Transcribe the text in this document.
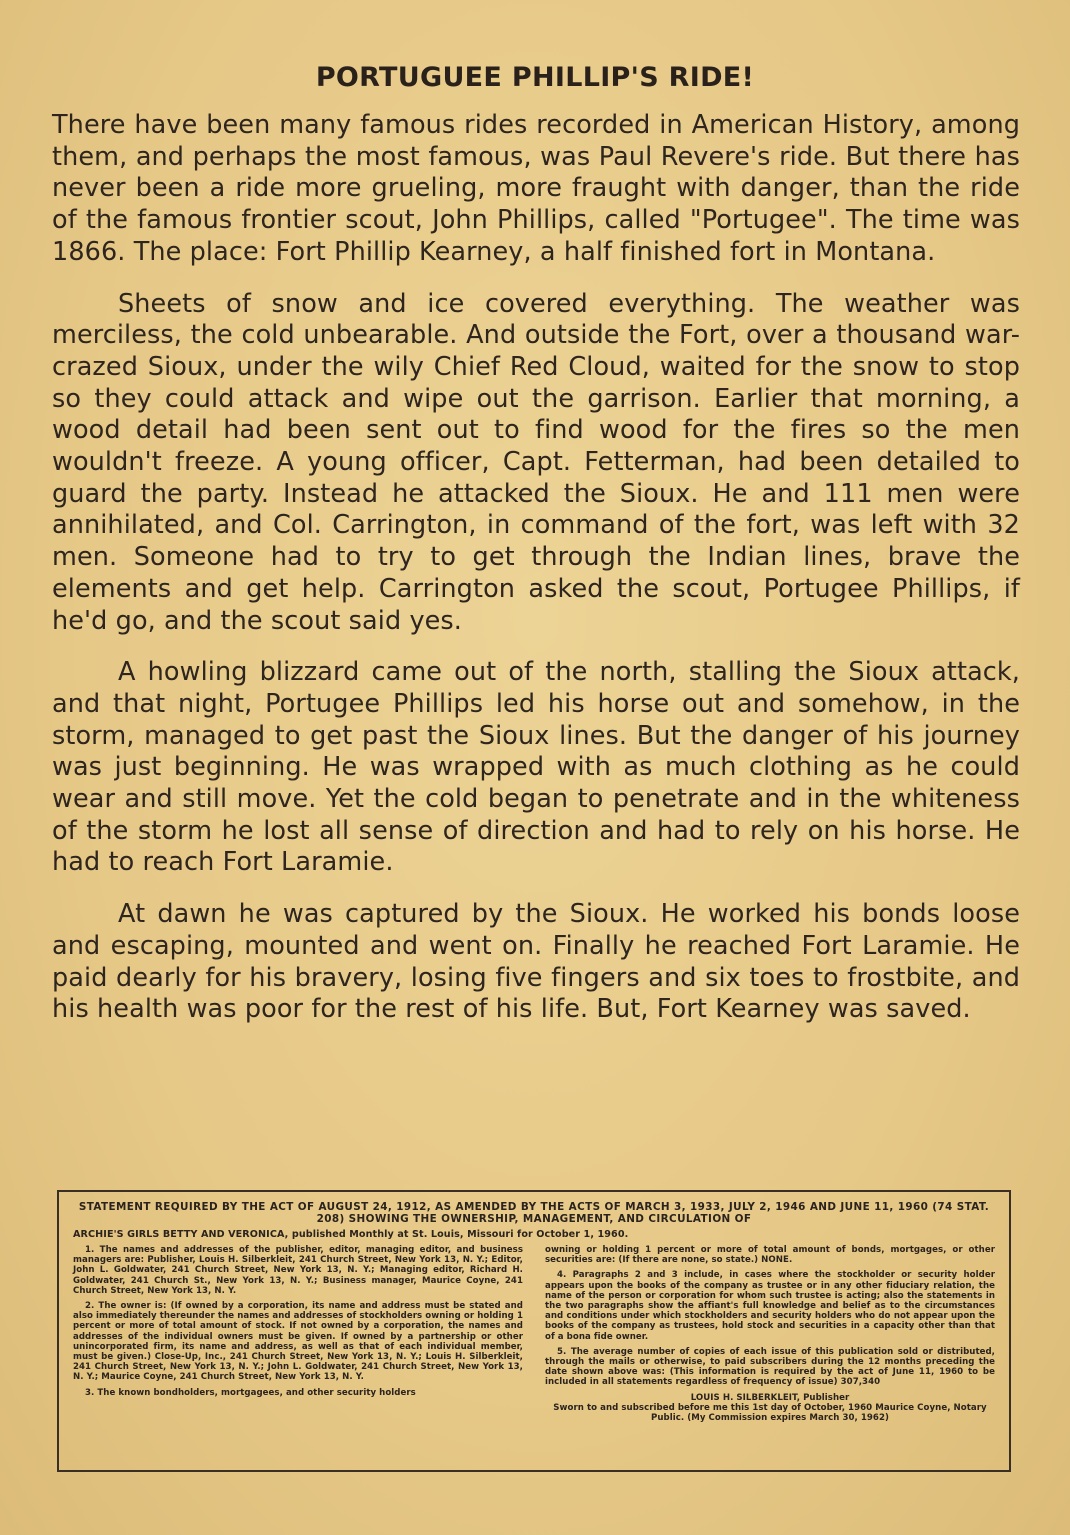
PORTUGUEE PHILLIP'S RIDE!

There have been many famous rides recorded in American History, among them, and perhaps the most famous, was Paul Revere's ride. But there has never been a ride more grueling, more fraught with danger, than the ride of the famous frontier scout, John Phillips, called "Portugee". The time was 1866. The place: Fort Phillip Kearney, a half finished fort in Montana.

Sheets of snow and ice covered everything. The weather was merciless, the cold unbearable. And outside the Fort, over a thousand war-crazed Sioux, under the wily Chief Red Cloud, waited for the snow to stop so they could attack and wipe out the garrison. Earlier that morning, a wood detail had been sent out to find wood for the fires so the men wouldn't freeze. A young officer, Capt. Fetterman, had been detailed to guard the party. Instead he attacked the Sioux. He and 111 men were annihilated, and Col. Carrington, in command of the fort, was left with 32 men. Someone had to try to get through the Indian lines, brave the elements and get help. Carrington asked the scout, Portugee Phillips, if he'd go, and the scout said yes.

A howling blizzard came out of the north, stalling the Sioux attack, and that night, Portugee Phillips led his horse out and somehow, in the storm, managed to get past the Sioux lines. But the danger of his journey was just beginning. He was wrapped with as much clothing as he could wear and still move. Yet the cold began to penetrate and in the whiteness of the storm he lost all sense of direction and had to rely on his horse. He had to reach Fort Laramie.

At dawn he was captured by the Sioux. He worked his bonds loose and escaping, mounted and went on. Finally he reached Fort Laramie. He paid dearly for his bravery, losing five fingers and six toes to frostbite, and his health was poor for the rest of his life. But, Fort Kearney was saved.

STATEMENT REQUIRED BY THE ACT OF AUGUST 24, 1912, AS AMENDED BY THE ACTS OF MARCH 3, 1933, JULY 2, 1946 AND JUNE 11, 1960 (74 STAT. 208) SHOWING THE OWNERSHIP, MANAGEMENT, AND CIRCULATION OF
ARCHIE'S GIRLS BETTY AND VERONICA, published Monthly at St. Louis, Missouri for October 1, 1960.

1. The names and addresses of the publisher, editor, managing editor, and business managers are: Publisher, Louis H. Silberkleit, 241 Church Street, New York 13, N. Y.; Editor, John L. Goldwater, 241 Church Street, New York 13, N. Y.; Managing editor, Richard H. Goldwater, 241 Church St., New York 13, N. Y.; Business manager, Maurice Coyne, 241 Church Street, New York 13, N. Y.

2. The owner is: (If owned by a corporation, its name and address must be stated and also immediately thereunder the names and addresses of stockholders owning or holding 1 percent or more of total amount of stock. If not owned by a corporation, the names and addresses of the individual owners must be given. If owned by a partnership or other unincorporated firm, its name and address, as well as that of each individual member, must be given.) Close-Up, Inc., 241 Church Street, New York 13, N. Y.; Louis H. Silberkleit, 241 Church Street, New York 13, N. Y.; John L. Goldwater, 241 Church Street, New York 13, N. Y.; Maurice Coyne, 241 Church Street, New York 13, N. Y.

3. The known bondholders, mortgagees, and other security holders

owning or holding 1 percent or more of total amount of bonds, mortgages, or other securities are: (If there are none, so state.) NONE.

4. Paragraphs 2 and 3 include, in cases where the stockholder or security holder appears upon the books of the company as trustee or in any other fiduciary relation, the name of the person or corporation for whom such trustee is acting; also the statements in the two paragraphs show the affiant's full knowledge and belief as to the circumstances and conditions under which stockholders and security holders who do not appear upon the books of the company as trustees, hold stock and securities in a capacity other than that of a bona fide owner.

5. The average number of copies of each issue of this publication sold or distributed, through the mails or otherwise, to paid subscribers during the 12 months preceding the date shown above was: (This information is required by the act of June 11, 1960 to be included in all statements regardless of frequency of issue) 307,340

LOUIS H. SILBERKLEIT, Publisher

Sworn to and subscribed before me this 1st day of October, 1960 Maurice Coyne, Notary Public. (My Commission expires March 30, 1962)
